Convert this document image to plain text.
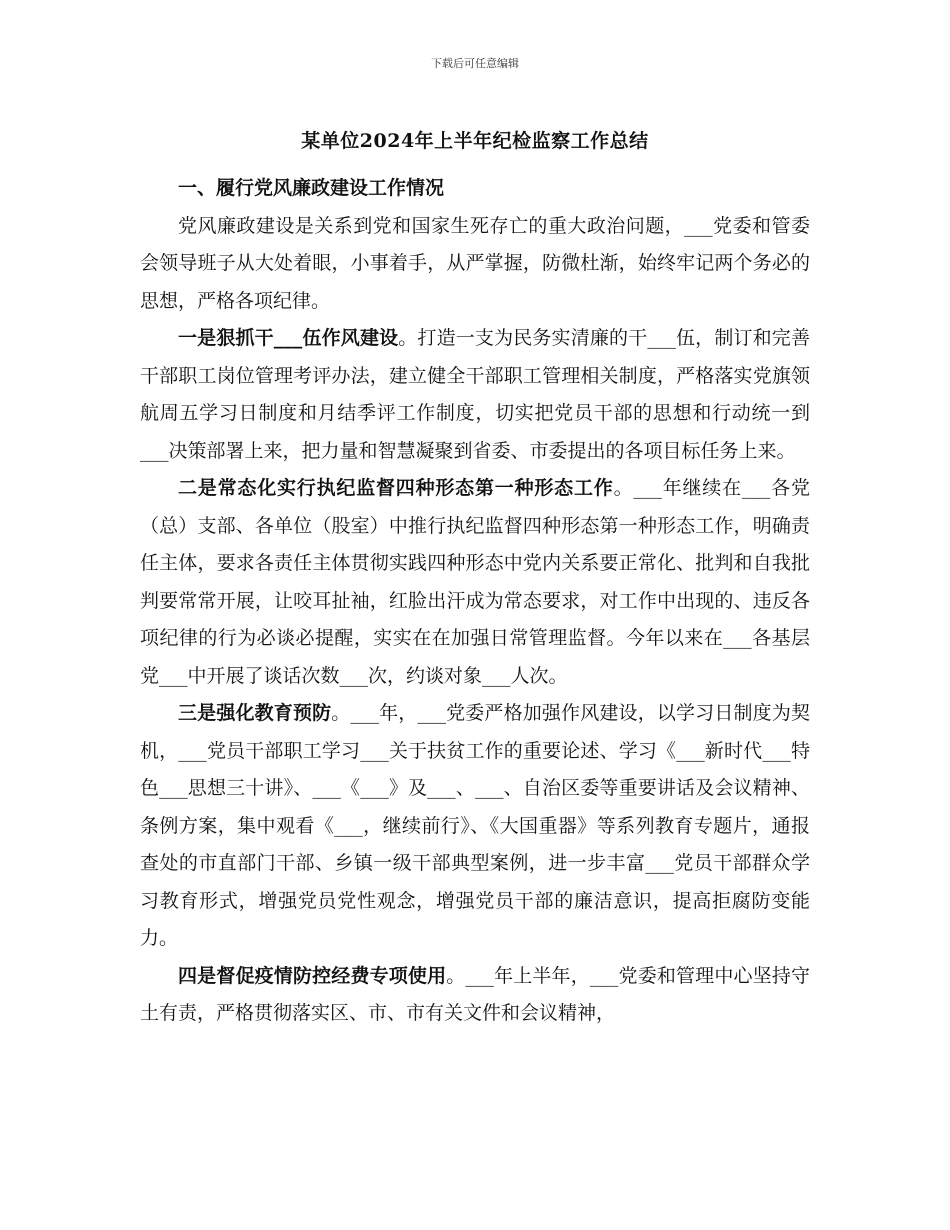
下载后可任意编辑
某单位2024年上半年纪检监察工作总结

一、履行党风廉政建设工作情况

党风廉政建设是关系到党和国家生死存亡的重大政治问题，___党委和管委会领导班子从大处着眼，小事着手，从严掌握，防微杜渐，始终牢记两个务必的思想，严格各项纪律。

一是狠抓干___伍作风建设。打造一支为民务实清廉的干___伍，制订和完善干部职工岗位管理考评办法，建立健全干部职工管理相关制度，严格落实党旗领航周五学习日制度和月结季评工作制度，切实把党员干部的思想和行动统一到___决策部署上来，把力量和智慧凝聚到省委、市委提出的各项目标任务上来。

二是常态化实行执纪监督四种形态第一种形态工作。___年继续在___各党（总）支部、各单位（股室）中推行执纪监督四种形态第一种形态工作，明确责任主体，要求各责任主体贯彻实践四种形态中党内关系要正常化、批判和自我批判要常常开展，让咬耳扯袖，红脸出汗成为常态要求，对工作中出现的、违反各项纪律的行为必谈必提醒，实实在在加强日常管理监督。今年以来在___各基层党___中开展了谈话次数___次，约谈对象___人次。

三是强化教育预防。___年，___党委严格加强作风建设，以学习日制度为契机，___党员干部职工学习___关于扶贫工作的重要论述、学习《___新时代___特色___思想三十讲》、___《___》及___、___、自治区委等重要讲话及会议精神、条例方案，集中观看《___，继续前行》、《大国重器》等系列教育专题片，通报查处的市直部门干部、乡镇一级干部典型案例，进一步丰富___党员干部群众学习教育形式，增强党员党性观念，增强党员干部的廉洁意识，提高拒腐防变能力。

四是督促疫情防控经费专项使用。___年上半年，___党委和管理中心坚持守土有责，严格贯彻落实区、市、市有关文件和会议精神，
